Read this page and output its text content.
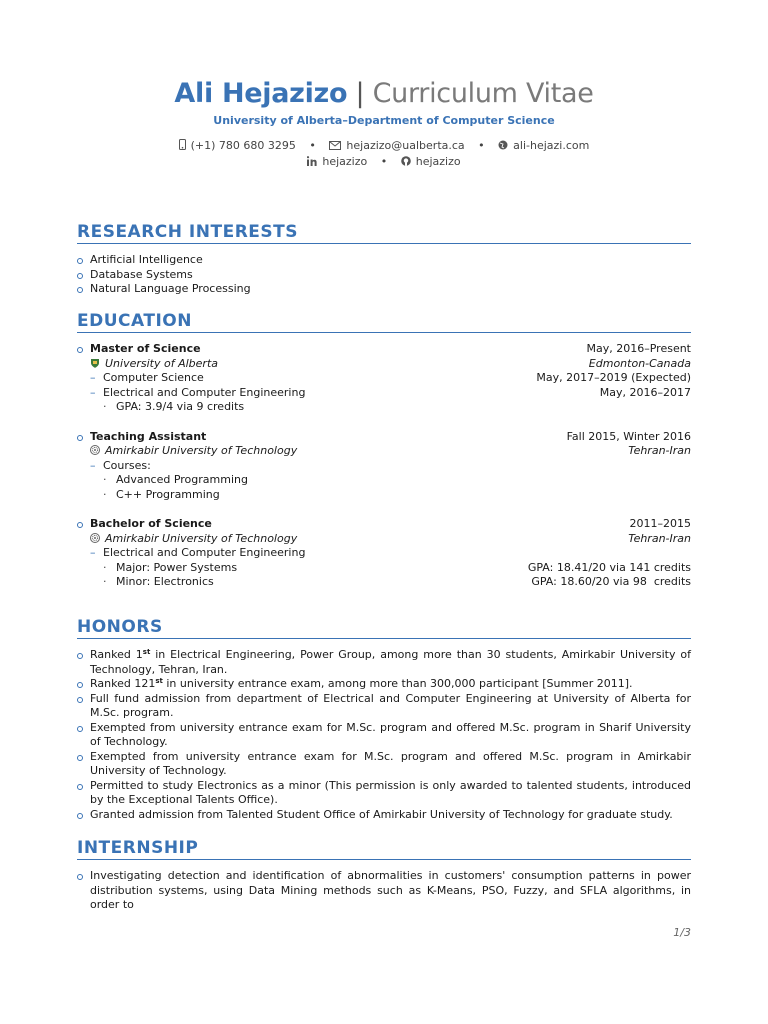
Ali Hejazizo | Curriculum Vitae
University of Alberta–Department of Computer Science
(+1) 780 680 3295 •	hejazizo@ualberta.ca •	ali-hejazi.com
hejazizo •	hejazizo
RESEARCH INTERESTS
Artificial Intelligence
Database Systems
Natural Language Processing
EDUCATION
Master of Science	May, 2016–Present
University of Alberta	Edmonton-Canada
– Computer Science	May, 2017–2019 (Expected)
– Electrical and Computer Engineering	May, 2016–2017
· GPA: 3.9/4 via 9 credits
Teaching Assistant	Fall 2015, Winter 2016
Amirkabir University of Technology	Tehran-Iran
– Courses:
· Advanced Programming
· C++ Programming
Bachelor of Science	2011–2015
Amirkabir University of Technology	Tehran-Iran
– Electrical and Computer Engineering
· Major: Power Systems	GPA: 18.41/20 via 141 credits
· Minor: Electronics	GPA: 18.60/20 via 98  credits
HONORS
Ranked 1st in Electrical Engineering, Power Group, among more than 30 students, Amirkabir University of Technology, Tehran, Iran.
Ranked 121st in university entrance exam, among more than 300,000 participant [Summer 2011].
Full fund admission from department of Electrical and Computer Engineering at University of Alberta for M.Sc. program.
Exempted from university entrance exam for M.Sc. program and offered M.Sc. program in Sharif University of Technology.
Exempted from university entrance exam for M.Sc. program and offered M.Sc. program in Amirkabir University of Technology.
Permitted to study Electronics as a minor (This permission is only awarded to talented students, introduced by the Exceptional Talents Office).
Granted admission from Talented Student Office of Amirkabir University of Technology for graduate study.
INTERNSHIP
Investigating detection and identification of abnormalities in customers' consumption patterns in power distribution systems, using Data Mining methods such as K-Means, PSO, Fuzzy, and SFLA algorithms, in order to
1/3
